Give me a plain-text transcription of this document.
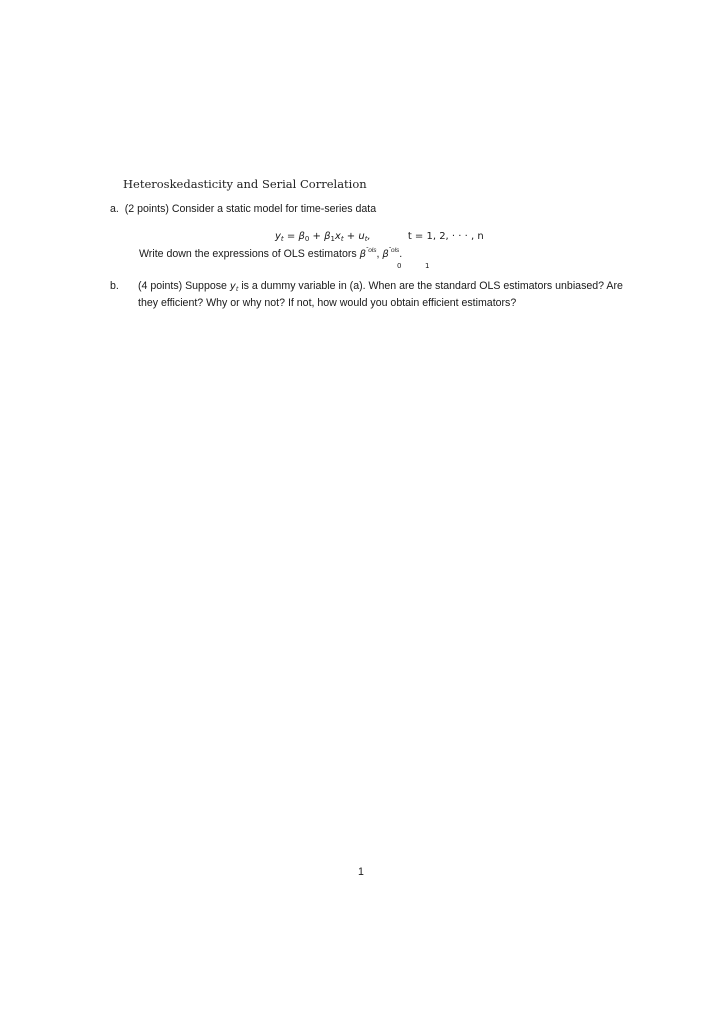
Heteroskedasticity and Serial Correlation
a. (2 points) Consider a static model for time-series data
$y_t = \beta_0 + \beta_1x_t + u_t$,	t = 1, 2, · · · , n
Write down the expressions of OLS estimators $\beta^{ˆols}$, $\beta^{ˆols}$.
0	1
b. (4 points) Suppose yt is a dummy variable in (a). When are the standard OLS estimators unbiased? Are they efficient? Why or why not? If not, how would you obtain efficient estimators?
1
